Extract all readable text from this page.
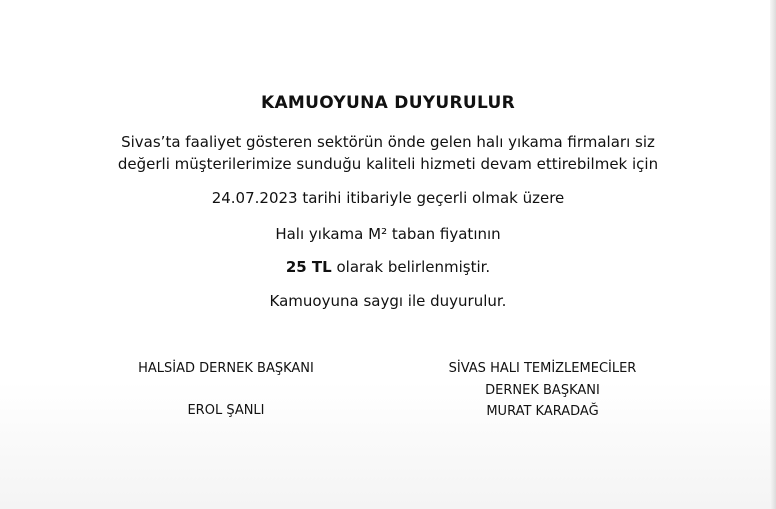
KAMUOYUNA DUYURULUR
Sivas’ta faaliyet gösteren sektörün önde gelen halı yıkama firmaları siz
değerli müşterilerimize sunduğu kaliteli hizmeti devam ettirebilmek için
24.07.2023 tarihi itibariyle geçerli olmak üzere
Halı yıkama M² taban fiyatının
25 TL olarak belirlenmiştir.
Kamuoyuna saygı ile duyurulur.
HALSİAD DERNEK BAŞKANI
EROL ŞANLI
SİVAS HALI TEMİZLEMECİLER
DERNEK BAŞKANI
MURAT KARADAĞ
